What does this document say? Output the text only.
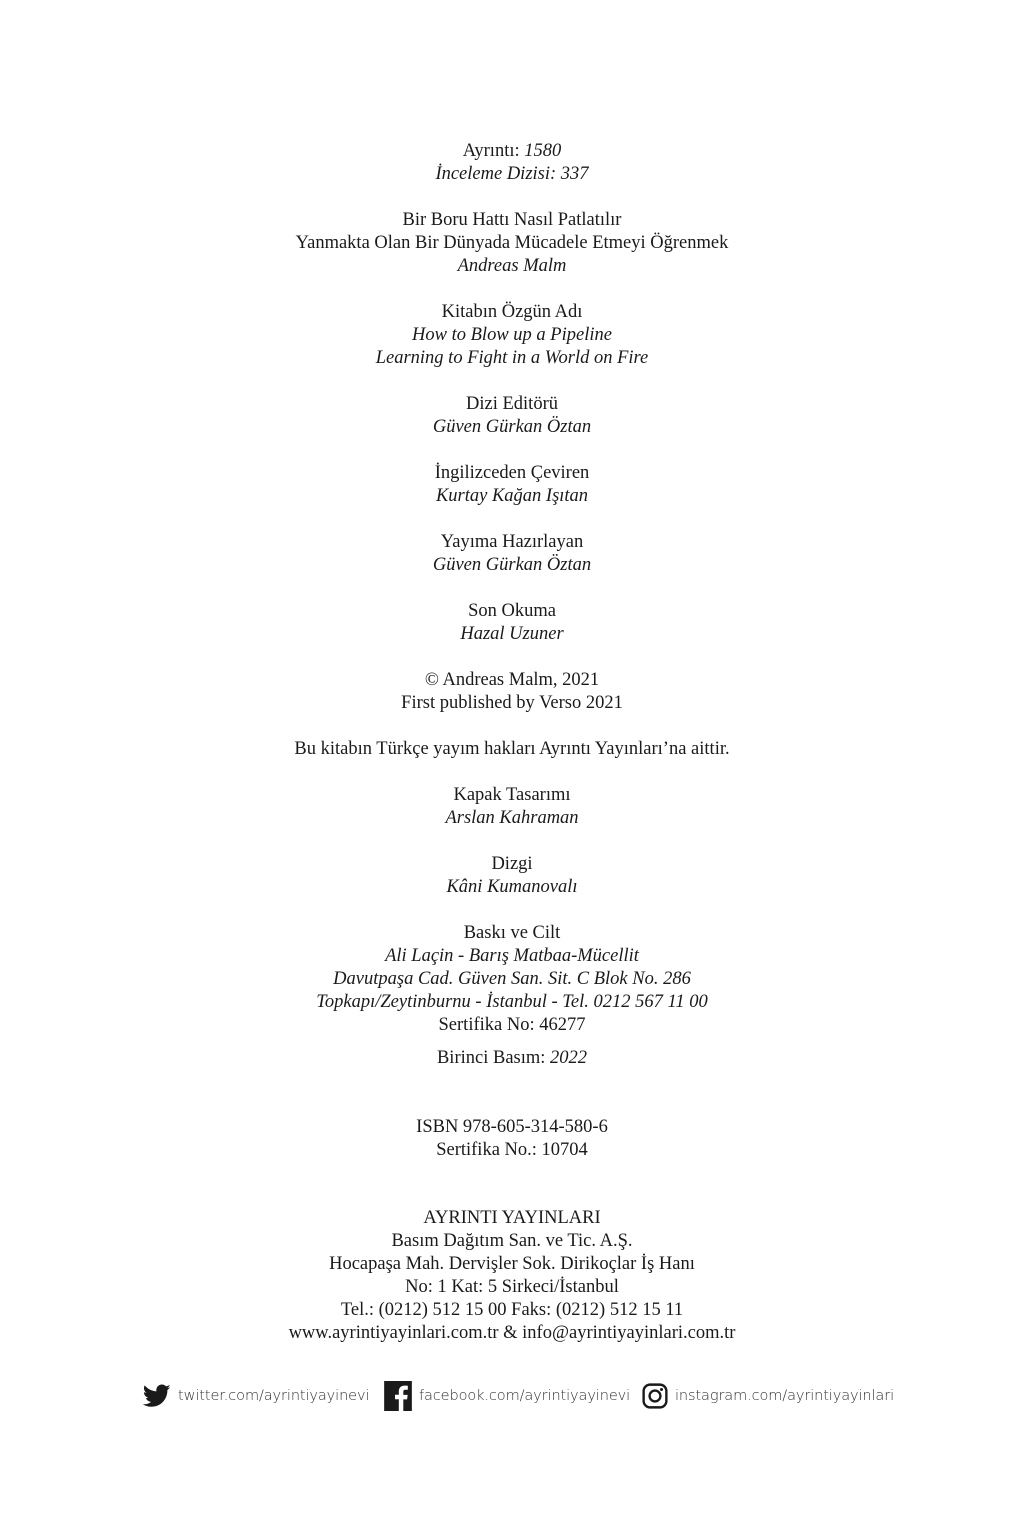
Ayrıntı: 1580
İnceleme Dizisi: 337
Bir Boru Hattı Nasıl Patlatılır
Yanmakta Olan Bir Dünyada Mücadele Etmeyi Öğrenmek
Andreas Malm
Kitabın Özgün Adı
How to Blow up a Pipeline
Learning to Fight in a World on Fire
Dizi Editörü
Güven Gürkan Öztan
İngilizceden Çeviren
Kurtay Kağan Işıtan
Yayıma Hazırlayan
Güven Gürkan Öztan
Son Okuma
Hazal Uzuner
© Andreas Malm, 2021
First published by Verso 2021
Bu kitabın Türkçe yayım hakları Ayrıntı Yayınları’na aittir.
Kapak Tasarımı
Arslan Kahraman
Dizgi
Kâni Kumanovalı
Baskı ve Cilt
Ali Laçin - Barış Matbaa-Mücellit
Davutpaşa Cad. Güven San. Sit. C Blok No. 286
Topkapı/Zeytinburnu - İstanbul - Tel. 0212 567 11 00
Sertifika No: 46277
Birinci Basım: 2022
ISBN 978-605-314-580-6
Sertifika No.: 10704
AYRINTI YAYINLARI
Basım Dağıtım San. ve Tic. A.Ş.
Hocapaşa Mah. Dervişler Sok. Dirikoçlar İş Hanı
No: 1 Kat: 5 Sirkeci/İstanbul
Tel.: (0212) 512 15 00 Faks: (0212) 512 15 11
www.ayrintiyayinlari.com.tr & info@ayrintiyayinlari.com.tr
twitter.com/ayrintiyayinevi	facebook.com/ayrintiyayinevi	instagram.com/ayrintiyayinlari
